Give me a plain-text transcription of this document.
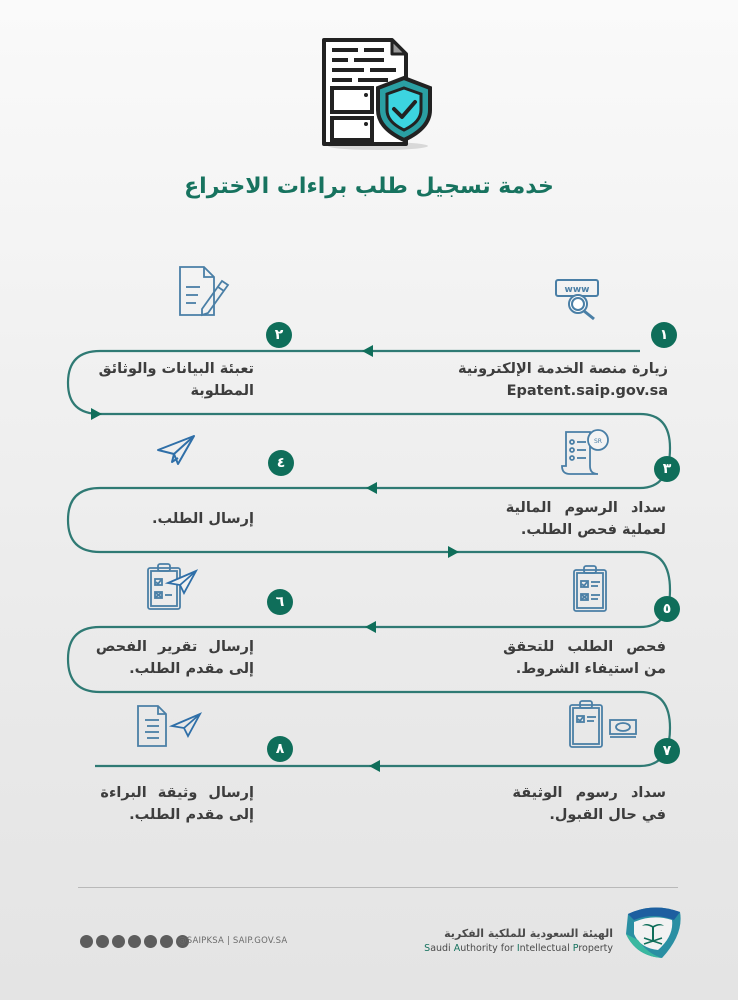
خدمة تسجيل طلب براءات الاختراع
www
SR
١
٢
٣
٤
٥
٦
٧
٨
زيارة منصة الخدمة الإلكترونية
Epatent.saip.gov.sa
تعبئة البيانات والوثائق
المطلوبة
سداد الرسوم المالية
لعملية فحص الطلب.
إرسال الطلب.
فحص الطلب للتحقق
من استيفاء الشروط.
إرسال تقرير الفحص
إلى مقدم الطلب.
سداد رسوم الوثيقة
في حال القبول.
إرسال وثيقة البراءة
إلى مقدم الطلب.
@SAIPKSA | SAIP.GOV.SA
الهيئة السعودية للملكية الفكرية
Saudi Authority for Intellectual Property
